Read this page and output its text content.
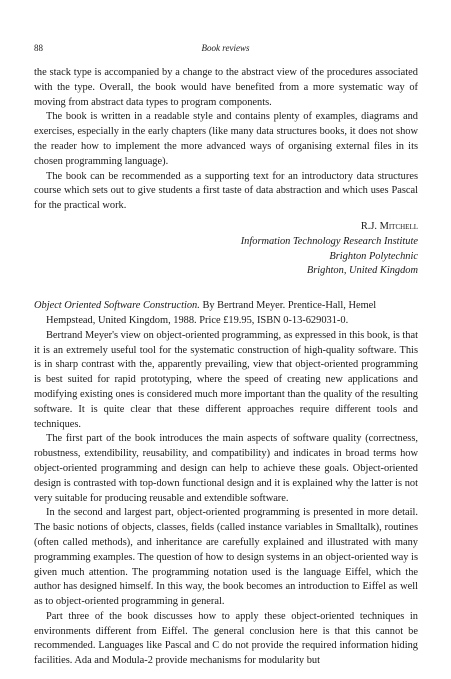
88	Book reviews

the stack type is accompanied by a change to the abstract view of the procedures associated with the type. Overall, the book would have benefited from a more systematic way of moving from abstract data types to program components.

The book is written in a readable style and contains plenty of examples, diagrams and exercises, especially in the early chapters (like many data structures books, it does not show the reader how to implement the more advanced ways of organising external files in its chosen programming language).

The book can be recommended as a supporting text for an introductory data structures course which sets out to give students a first taste of data abstraction and which uses Pascal for the practical work.

R.J. Mitchell
Information Technology Research Institute
Brighton Polytechnic
Brighton, United Kingdom
Object Oriented Software Construction. By Bertrand Meyer. Prentice-Hall, Hemel
Hempstead, United Kingdom, 1988. Price £19.95, ISBN 0-13-629031-0.

Bertrand Meyer's view on object-oriented programming, as expressed in this book, is that it is an extremely useful tool for the systematic construction of high-quality software. This is in sharp contrast with the, apparently prevailing, view that object-oriented programming is best suited for rapid prototyping, where the speed of creating new applications and modifying existing ones is considered much more important than the quality of the resulting software. It is quite clear that these different approaches require different tools and techniques.

The first part of the book introduces the main aspects of software quality (correctness, robustness, extendibility, reusability, and compatibility) and indicates in broad terms how object-oriented programming and design can help to achieve these goals. Object-oriented design is contrasted with top-down functional design and it is explained why the latter is not very suitable for producing reusable and extendible software.

In the second and largest part, object-oriented programming is presented in more detail. The basic notions of objects, classes, fields (called instance variables in Smalltalk), routines (often called methods), and inheritance are carefully explained and illustrated with many programming examples. The question of how to design systems in an object-oriented way is given much attention. The programming notation used is the language Eiffel, which the author has designed himself. In this way, the book becomes an introduction to Eiffel as well as to object-oriented programming in general.

Part three of the book discusses how to apply these object-oriented techniques in environments different from Eiffel. The general conclusion here is that this cannot be recommended. Languages like Pascal and C do not provide the required information hiding facilities. Ada and Modula-2 provide mechanisms for modularity but
